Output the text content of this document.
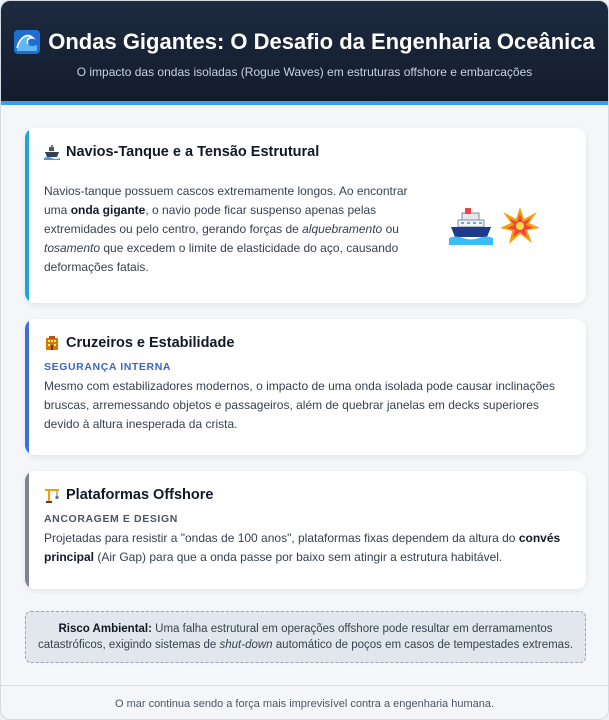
Ondas Gigantes: O Desafio da Engenharia Oceânica
O impacto das ondas isoladas (Rogue Waves) em estruturas offshore e embarcações
Navios-Tanque e a Tensão Estrutural
Navios-tanque possuem cascos extremamente longos. Ao encontrar uma onda gigante, o navio pode ficar suspenso apenas pelas extremidades ou pelo centro, gerando forças de alquebramento ou tosamento que excedem o limite de elasticidade do aço, causando deformações fatais.
Cruzeiros e Estabilidade
SEGURANÇA INTERNA
Mesmo com estabilizadores modernos, o impacto de uma onda isolada pode causar inclinações bruscas, arremessando objetos e passageiros, além de quebrar janelas em decks superiores devido à altura inesperada da crista.
Plataformas Offshore
ANCORAGEM E DESIGN
Projetadas para resistir a "ondas de 100 anos", plataformas fixas dependem da altura do convés principal (Air Gap) para que a onda passe por baixo sem atingir a estrutura habitável.
Risco Ambiental: Uma falha estrutural em operações offshore pode resultar em derramamentos catastróficos, exigindo sistemas de shut-down automático de poços em casos de tempestades extremas.
O mar continua sendo a força mais imprevisível contra a engenharia humana.
